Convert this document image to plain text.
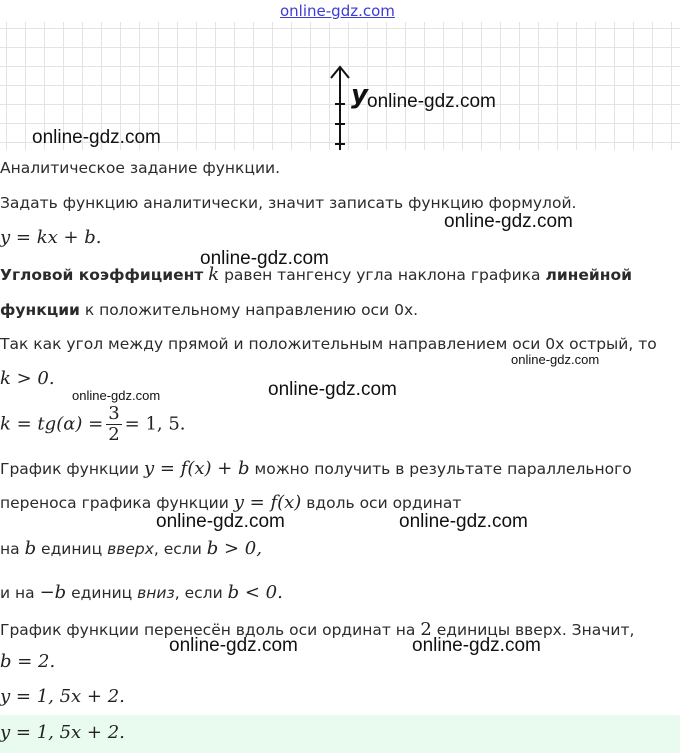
online-gdz.com
y online-gdz.com
online-gdz.com
Аналитическое задание функции.
Задать функцию аналитически, значит записать функцию формулой.
online-gdz.com
y = kx + b.
online-gdz.com
Угловой коэффициент k равен тангенсу угла наклона графика линейной
функции к положительному направлению оси 0x.
Так как угол между прямой и положительным направлением оси 0x острый, то
online-gdz.com
k > 0.
online-gdz.com
online-gdz.com
$k = tg(\alpha) = \frac{3}{2} = 1$, 5.
График функции y = f(x) + b можно получить в результате параллельного
переноса графика функции y = f(x) вдоль оси ординат
online-gdz.com	online-gdz.com
на b единиц вверх, если b > 0,
и на −b единиц вниз, если b < 0.
График функции перенесён вдоль оси ординат на 2 единицы вверх. Значит,
online-gdz.com	online-gdz.com
b = 2.
y = 1, 5x + 2.
y = 1, 5x + 2.
